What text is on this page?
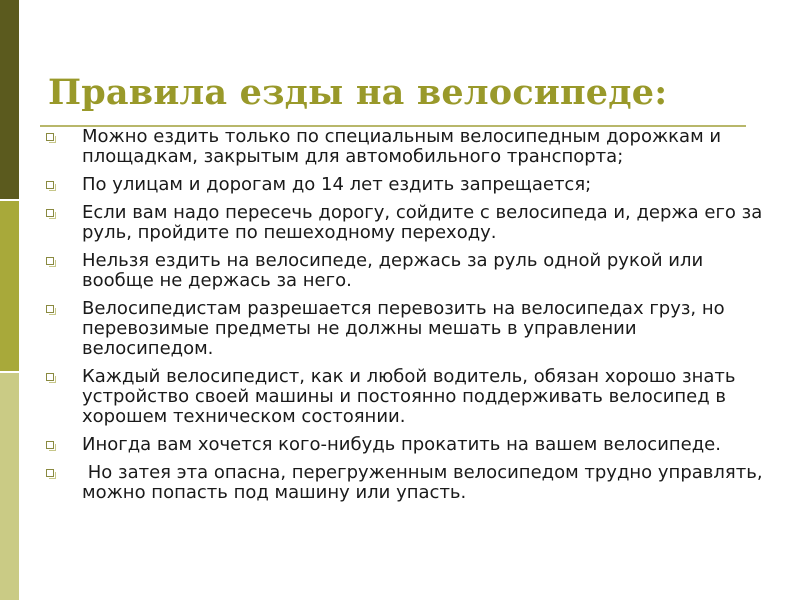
Правила езды на велосипеде:
Можно ездить только по специальным велосипедным дорожкам и площадкам, закрытым для автомобильного транспорта;
По улицам и дорогам до 14 лет ездить запрещается;
Если вам надо пересечь дорогу, сойдите с велосипеда и, держа его за руль, пройдите по пешеходному переходу.
Нельзя ездить на велосипеде, держась за руль одной рукой или вообще не держась за него.
Велосипедистам разрешается перевозить на велосипедах груз, но перевозимые предметы не должны мешать в управлении велосипедом.
Каждый велосипедист, как и любой водитель, обязан хорошо знать устройство своей машины и постоянно поддерживать велосипед в хорошем техническом состоянии.
Иногда вам хочется кого-нибудь прокатить на вашем велосипеде.
Но затея эта опасна, перегруженным велосипедом трудно управлять, можно попасть под машину или упасть.
